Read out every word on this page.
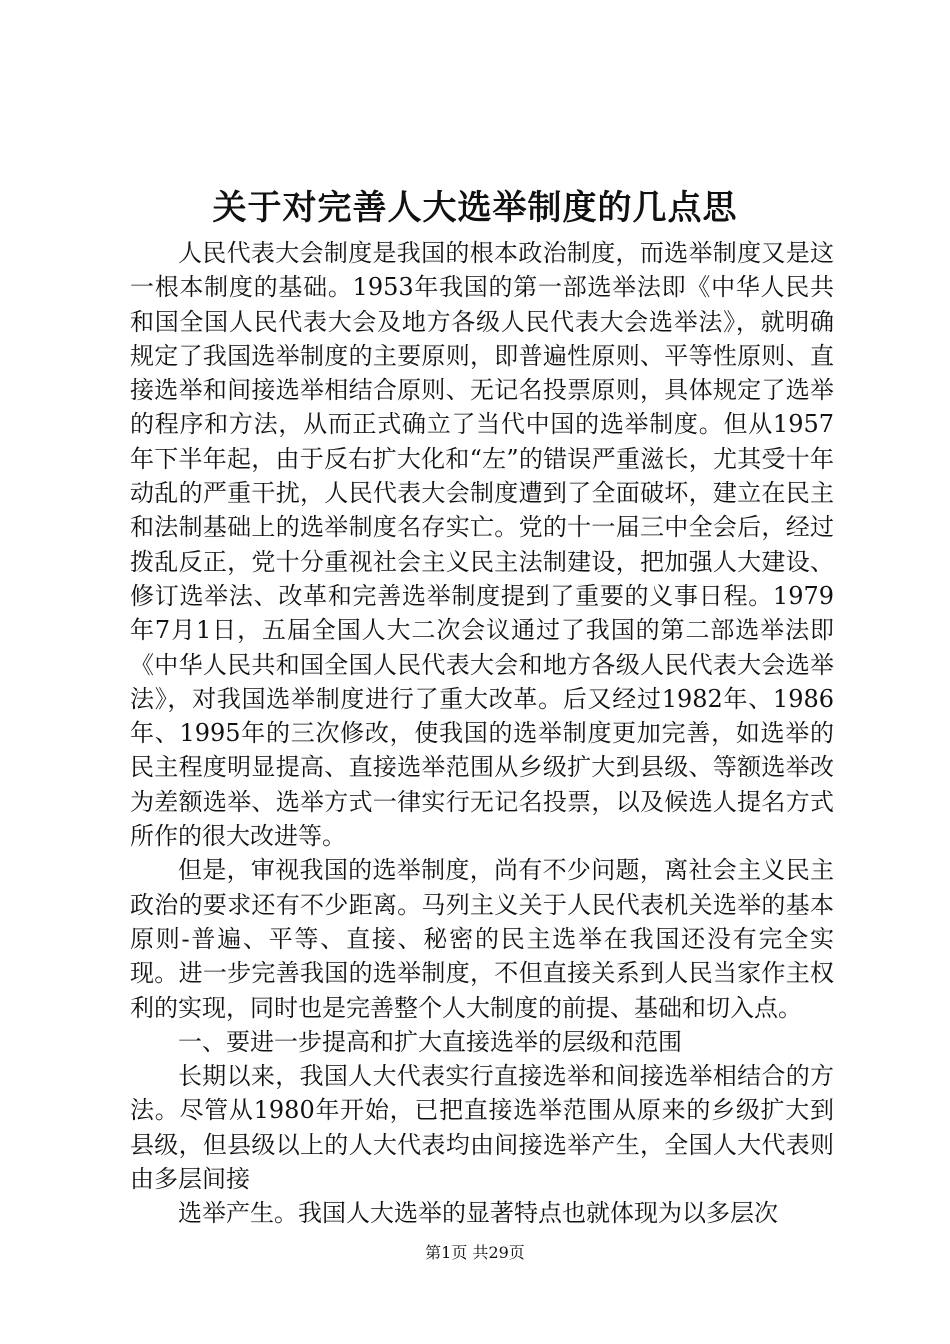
关于对完善人大选举制度的几点思

人民代表大会制度是我国的根本政治制度，而选举制度又是这一根本制度的基础。1953年我国的第一部选举法即《中华人民共和国全国人民代表大会及地方各级人民代表大会选举法》，就明确规定了我国选举制度的主要原则，即普遍性原则、平等性原则、直接选举和间接选举相结合原则、无记名投票原则，具体规定了选举的程序和方法，从而正式确立了当代中国的选举制度。但从1957年下半年起，由于反右扩大化和“左”的错误严重滋长，尤其受十年动乱的严重干扰，人民代表大会制度遭到了全面破坏，建立在民主和法制基础上的选举制度名存实亡。党的十一届三中全会后，经过拨乱反正，党十分重视社会主义民主法制建设，把加强人大建设、修订选举法、改革和完善选举制度提到了重要的义事日程。1979年7月1日，五届全国人大二次会议通过了我国的第二部选举法即《中华人民共和国全国人民代表大会和地方各级人民代表大会选举法》，对我国选举制度进行了重大改革。后又经过1982年、1986年、1995年的三次修改，使我国的选举制度更加完善，如选举的民主程度明显提高、直接选举范围从乡级扩大到县级、等额选举改为差额选举、选举方式一律实行无记名投票，以及候选人提名方式所作的很大改进等。

但是，审视我国的选举制度，尚有不少问题，离社会主义民主政治的要求还有不少距离。马列主义关于人民代表机关选举的基本原则-普遍、平等、直接、秘密的民主选举在我国还没有完全实现。进一步完善我国的选举制度，不但直接关系到人民当家作主权利的实现，同时也是完善整个人大制度的前提、基础和切入点。

一、要进一步提高和扩大直接选举的层级和范围

长期以来，我国人大代表实行直接选举和间接选举相结合的方法。尽管从1980年开始，已把直接选举范围从原来的乡级扩大到县级，但县级以上的人大代表均由间接选举产生，全国人大代表则由多层间接

选举产生。我国人大选举的显著特点也就体现为以多层次

第1页 共29页
